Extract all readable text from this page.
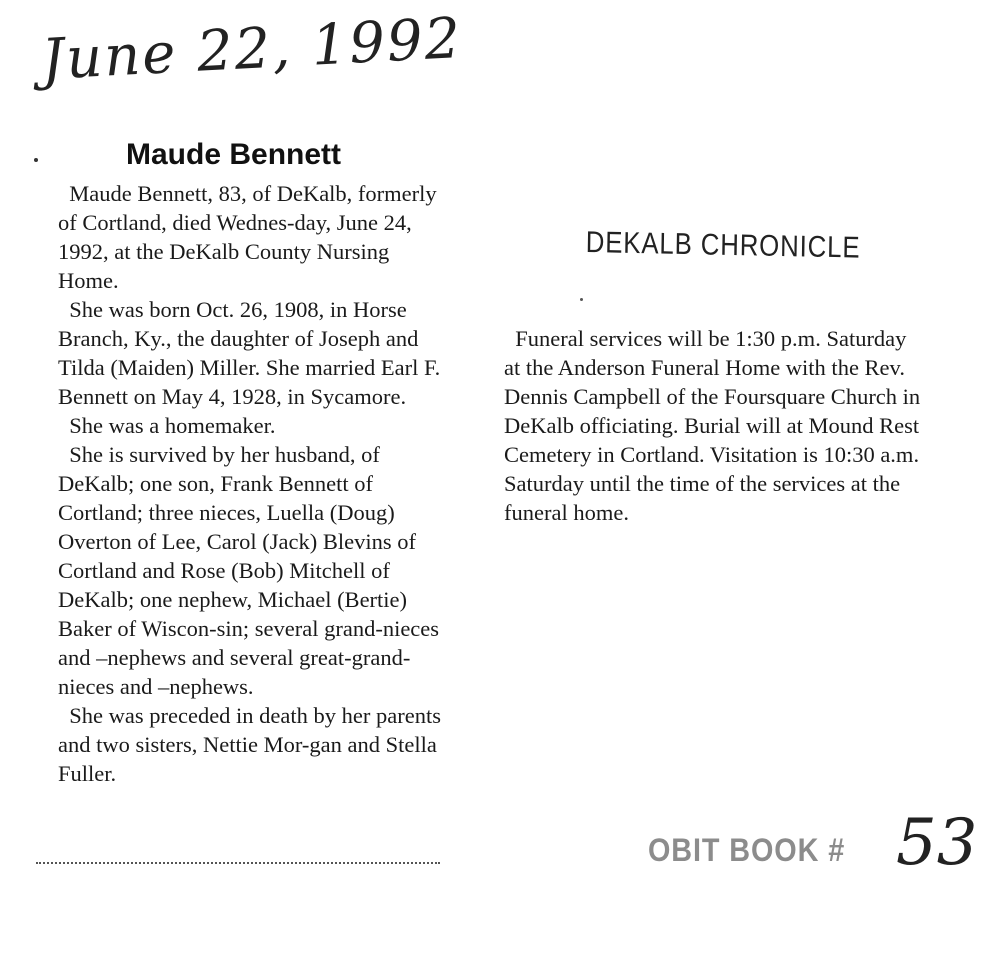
June 22, 1992
Maude Bennett

Maude Bennett, 83, of DeKalb, formerly of Cortland, died Wednes-day, June 24, 1992, at the DeKalb County Nursing Home.

She was born Oct. 26, 1908, in Horse Branch, Ky., the daughter of Joseph and Tilda (Maiden) Miller. She married Earl F. Bennett on May 4, 1928, in Sycamore.

She was a homemaker.

She is survived by her husband, of DeKalb; one son, Frank Bennett of Cortland; three nieces, Luella (Doug) Overton of Lee, Carol (Jack) Blevins of Cortland and Rose (Bob) Mitchell of DeKalb; one nephew, Michael (Bertie) Baker of Wiscon-sin; several grand-nieces and –nephews and several great-grand-nieces and –nephews.

She was preceded in death by her parents and two sisters, Nettie Mor-gan and Stella Fuller.

DEKALB CHRONICLE

Funeral services will be 1:30 p.m. Saturday at the Anderson Funeral Home with the Rev. Dennis Campbell of the Foursquare Church in DeKalb officiating. Burial will at Mound Rest Cemetery in Cortland. Visitation is 10:30 a.m. Saturday until the time of the services at the funeral home.

OBIT BOOK # 53
